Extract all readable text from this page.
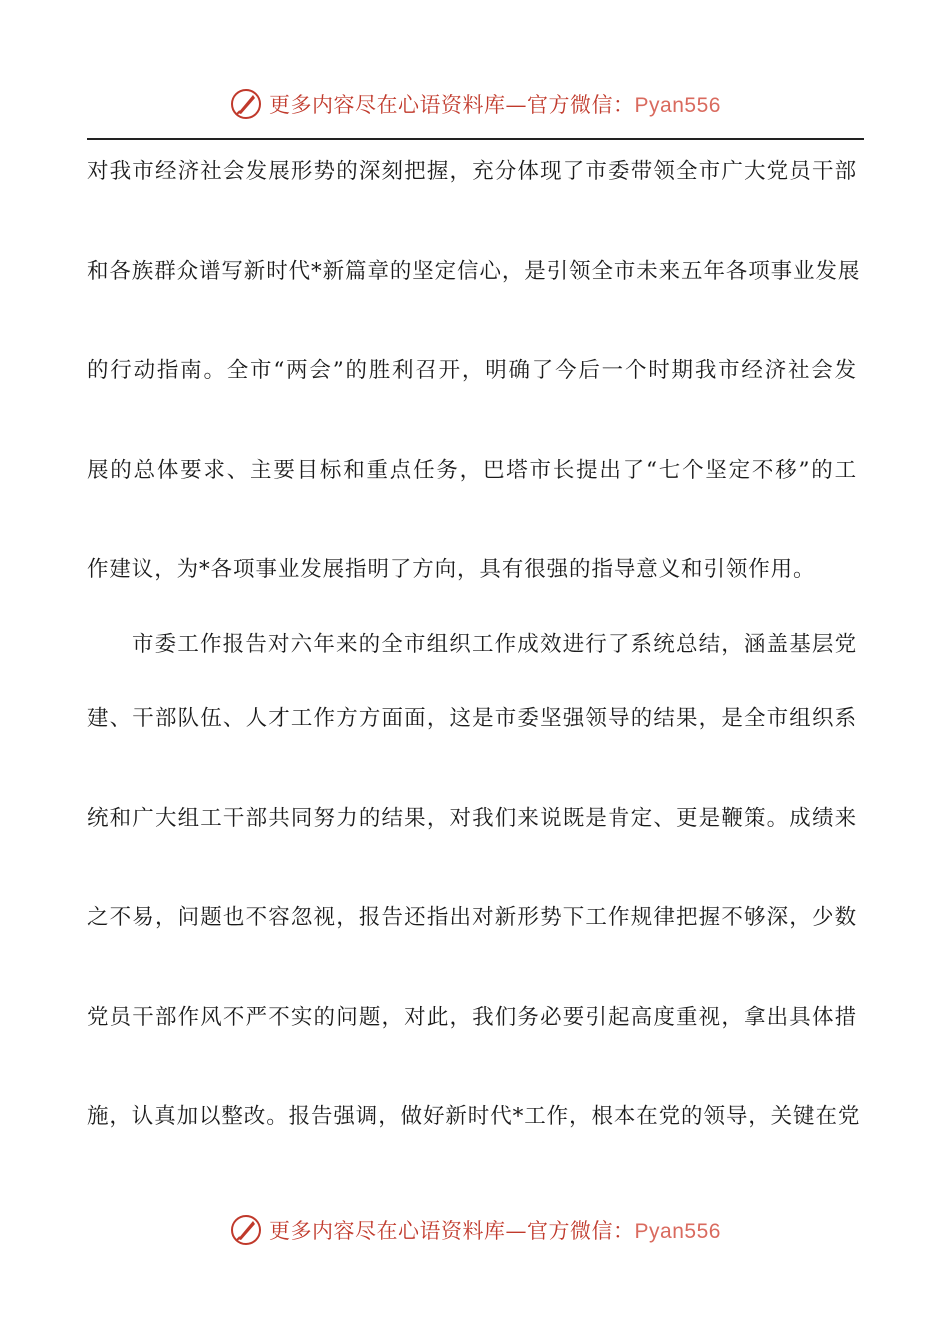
更多内容尽在心语资料库—官方微信：Pyan556
对我市经济社会发展形势的深刻把握，充分体现了市委带领全市广大党员干部
和各族群众谱写新时代*新篇章的坚定信心，是引领全市未来五年各项事业发展
的行动指南。全市“两会”的胜利召开，明确了今后一个时期我市经济社会发
展的总体要求、主要目标和重点任务，巴塔市长提出了“七个坚定不移”的工
作建议，为*各项事业发展指明了方向，具有很强的指导意义和引领作用。
市委工作报告对六年来的全市组织工作成效进行了系统总结，涵盖基层党
建、干部队伍、人才工作方方面面，这是市委坚强领导的结果，是全市组织系
统和广大组工干部共同努力的结果，对我们来说既是肯定、更是鞭策。成绩来
之不易，问题也不容忽视，报告还指出对新形势下工作规律把握不够深，少数
党员干部作风不严不实的问题，对此，我们务必要引起高度重视，拿出具体措
施，认真加以整改。报告强调，做好新时代*工作，根本在党的领导，关键在党
更多内容尽在心语资料库—官方微信：Pyan556
